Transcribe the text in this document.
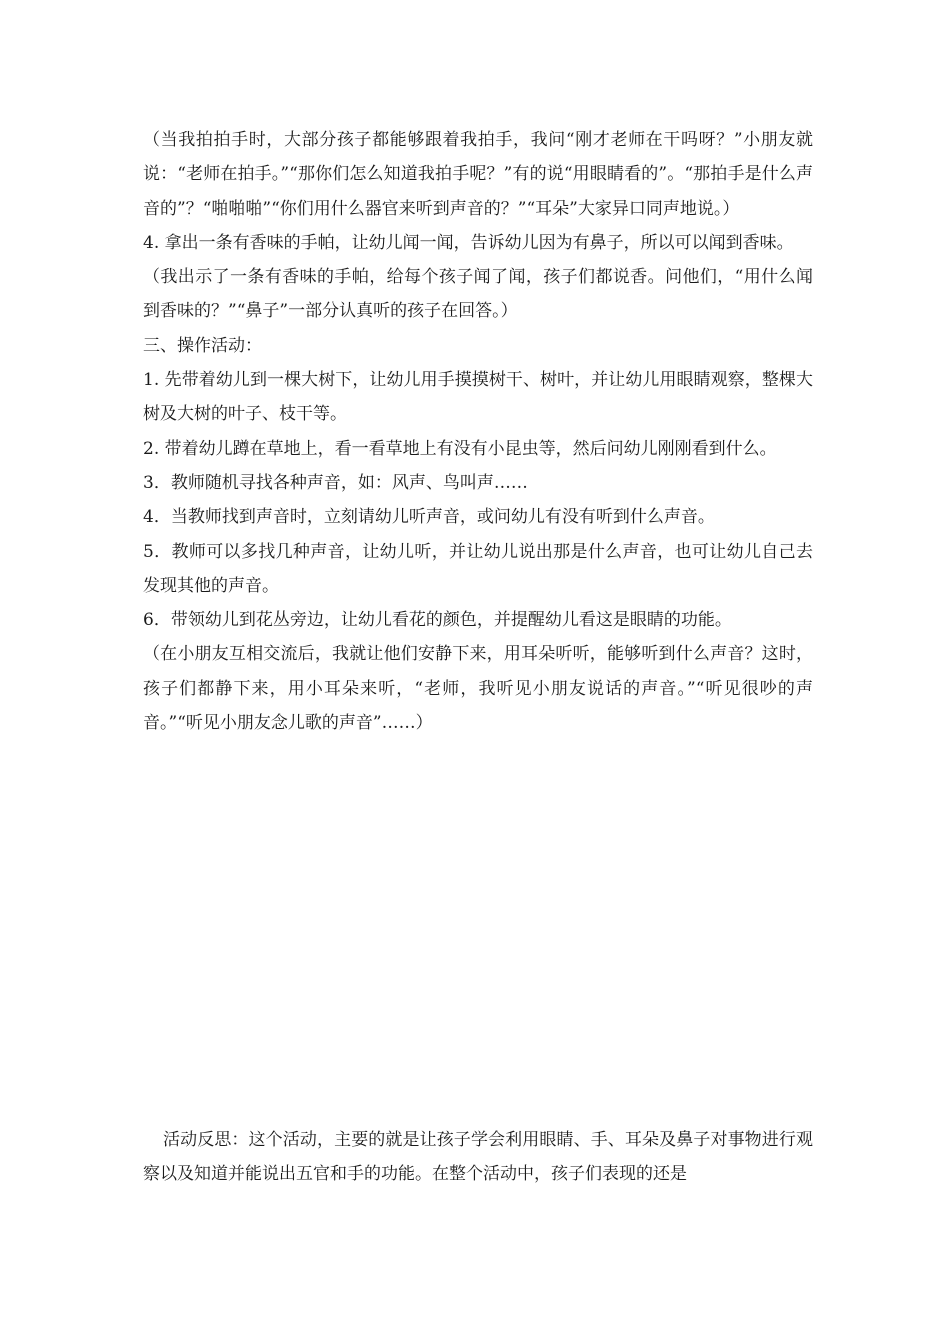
（当我拍拍手时，大部分孩子都能够跟着我拍手，我问“刚才老师在干吗呀？”小朋友就说：“老师在拍手。”“那你们怎么知道我拍手呢？”有的说“用眼睛看的”。“那拍手是什么声音的”？“啪啪啪”“你们用什么器官来听到声音的？”“耳朵”大家异口同声地说。）

4. 拿出一条有香味的手帕，让幼儿闻一闻，告诉幼儿因为有鼻子，所以可以闻到香味。

（我出示了一条有香味的手帕，给每个孩子闻了闻，孩子们都说香。问他们，“用什么闻到香味的？”“鼻子”一部分认真听的孩子在回答。）

三、操作活动：

1. 先带着幼儿到一棵大树下，让幼儿用手摸摸树干、树叶，并让幼儿用眼睛观察，整棵大树及大树的叶子、枝干等。

2. 带着幼儿蹲在草地上，看一看草地上有没有小昆虫等，然后问幼儿刚刚看到什么。

3．教师随机寻找各种声音，如：风声、鸟叫声……

4．当教师找到声音时，立刻请幼儿听声音，或问幼儿有没有听到什么声音。

5．教师可以多找几种声音，让幼儿听，并让幼儿说出那是什么声音，也可让幼儿自己去发现其他的声音。

6．带领幼儿到花丛旁边，让幼儿看花的颜色，并提醒幼儿看这是眼睛的功能。

（在小朋友互相交流后，我就让他们安静下来，用耳朵听听，能够听到什么声音？这时，孩子们都静下来，用小耳朵来听，“老师，我听见小朋友说话的声音。”“听见很吵的声音。”“听见小朋友念儿歌的声音”……）

活动反思：这个活动，主要的就是让孩子学会利用眼睛、手、耳朵及鼻子对事物进行观察以及知道并能说出五官和手的功能。在整个活动中，孩子们表现的还是
